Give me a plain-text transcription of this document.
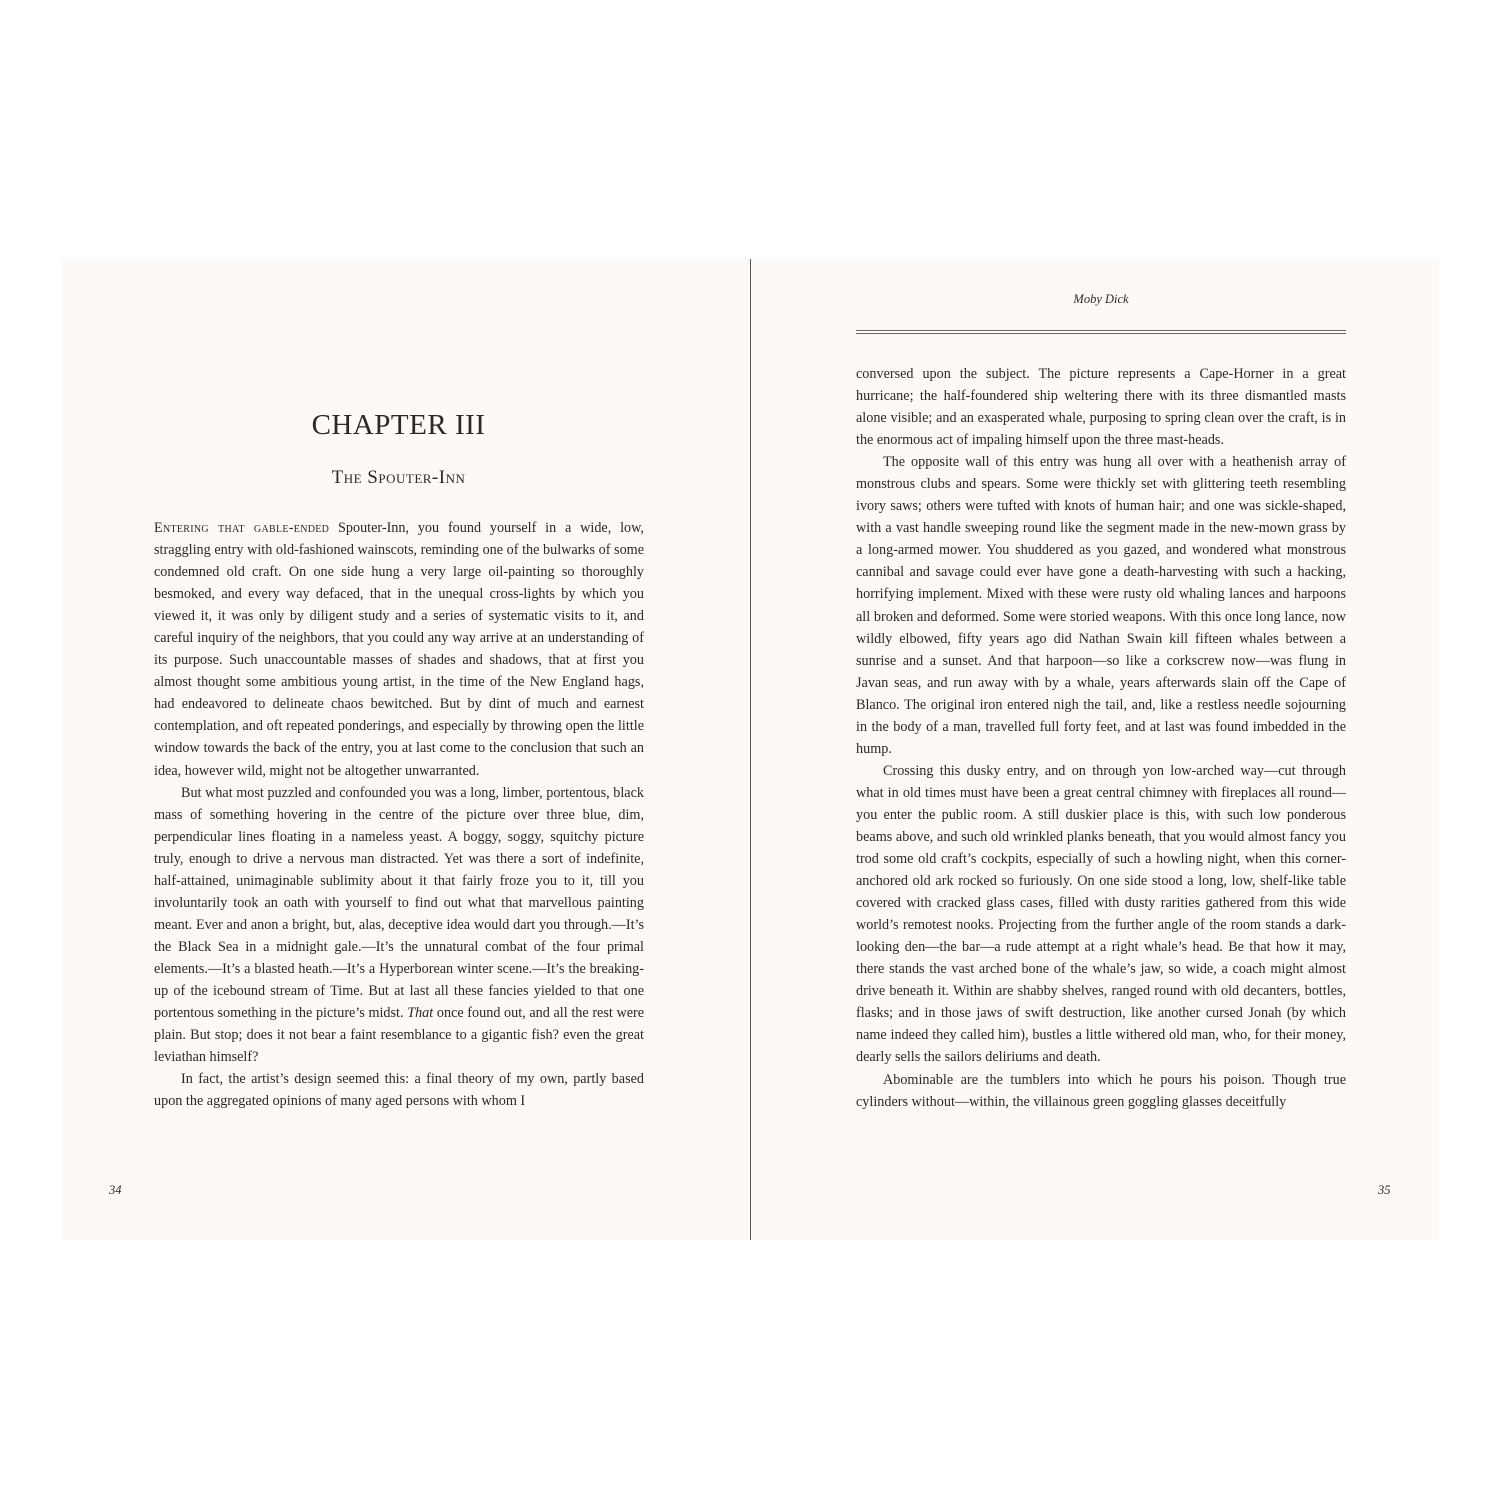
CHAPTER III
The Spouter-Inn

Entering that gable-ended Spouter-Inn, you found yourself in a wide, low, straggling entry with old-fashioned wainscots, reminding one of the bulwarks of some condemned old craft. On one side hung a very large oil-painting so thoroughly besmoked, and every way defaced, that in the unequal cross-lights by which you viewed it, it was only by diligent study and a series of systematic visits to it, and careful inquiry of the neighbors, that you could any way arrive at an understanding of its purpose. Such unaccountable masses of shades and shadows, that at first you almost thought some ambitious young artist, in the time of the New England hags, had endeavored to delineate chaos bewitched. But by dint of much and earnest contemplation, and oft repeated ponderings, and especially by throwing open the little window towards the back of the entry, you at last come to the conclusion that such an idea, however wild, might not be altogether unwarranted.

But what most puzzled and confounded you was a long, limber, portentous, black mass of something hovering in the centre of the picture over three blue, dim, perpendicular lines floating in a nameless yeast. A boggy, soggy, squitchy picture truly, enough to drive a nervous man distracted. Yet was there a sort of indefinite, half-attained, unimaginable sublimity about it that fairly froze you to it, till you involuntarily took an oath with yourself to find out what that marvellous painting meant. Ever and anon a bright, but, alas, deceptive idea would dart you through.—It’s the Black Sea in a midnight gale.—It’s the unnatural combat of the four primal elements.—It’s a blasted heath.—It’s a Hyperborean winter scene.—It’s the breaking-up of the icebound stream of Time. But at last all these fancies yielded to that one portentous something in the picture’s midst. That once found out, and all the rest were plain. But stop; does it not bear a faint resemblance to a gigantic fish? even the great leviathan himself?

In fact, the artist’s design seemed this: a final theory of my own, partly based upon the aggregated opinions of many aged persons with whom I

34
Moby Dick

conversed upon the subject. The picture represents a Cape-Horner in a great hurricane; the half-foundered ship weltering there with its three dismantled masts alone visible; and an exasperated whale, purposing to spring clean over the craft, is in the enormous act of impaling himself upon the three mast-heads.

The opposite wall of this entry was hung all over with a heathenish array of monstrous clubs and spears. Some were thickly set with glittering teeth resembling ivory saws; others were tufted with knots of human hair; and one was sickle-shaped, with a vast handle sweeping round like the segment made in the new-mown grass by a long-armed mower. You shuddered as you gazed, and wondered what monstrous cannibal and savage could ever have gone a death-harvesting with such a hacking, horrifying implement. Mixed with these were rusty old whaling lances and harpoons all broken and deformed. Some were storied weapons. With this once long lance, now wildly elbowed, fifty years ago did Nathan Swain kill fifteen whales between a sunrise and a sunset. And that harpoon—so like a corkscrew now—was flung in Javan seas, and run away with by a whale, years afterwards slain off the Cape of Blanco. The original iron entered nigh the tail, and, like a restless needle sojourning in the body of a man, travelled full forty feet, and at last was found imbedded in the hump.

Crossing this dusky entry, and on through yon low-arched way—cut through what in old times must have been a great central chimney with fireplaces all round—you enter the public room. A still duskier place is this, with such low ponderous beams above, and such old wrinkled planks beneath, that you would almost fancy you trod some old craft’s cockpits, especially of such a howling night, when this corner-anchored old ark rocked so furiously. On one side stood a long, low, shelf-like table covered with cracked glass cases, filled with dusty rarities gathered from this wide world’s remotest nooks. Projecting from the further angle of the room stands a dark-looking den—the bar—a rude attempt at a right whale’s head. Be that how it may, there stands the vast arched bone of the whale’s jaw, so wide, a coach might almost drive beneath it. Within are shabby shelves, ranged round with old decanters, bottles, flasks; and in those jaws of swift destruction, like another cursed Jonah (by which name indeed they called him), bustles a little withered old man, who, for their money, dearly sells the sailors deliriums and death.

Abominable are the tumblers into which he pours his poison. Though true cylinders without—within, the villainous green goggling glasses deceitfully

35
